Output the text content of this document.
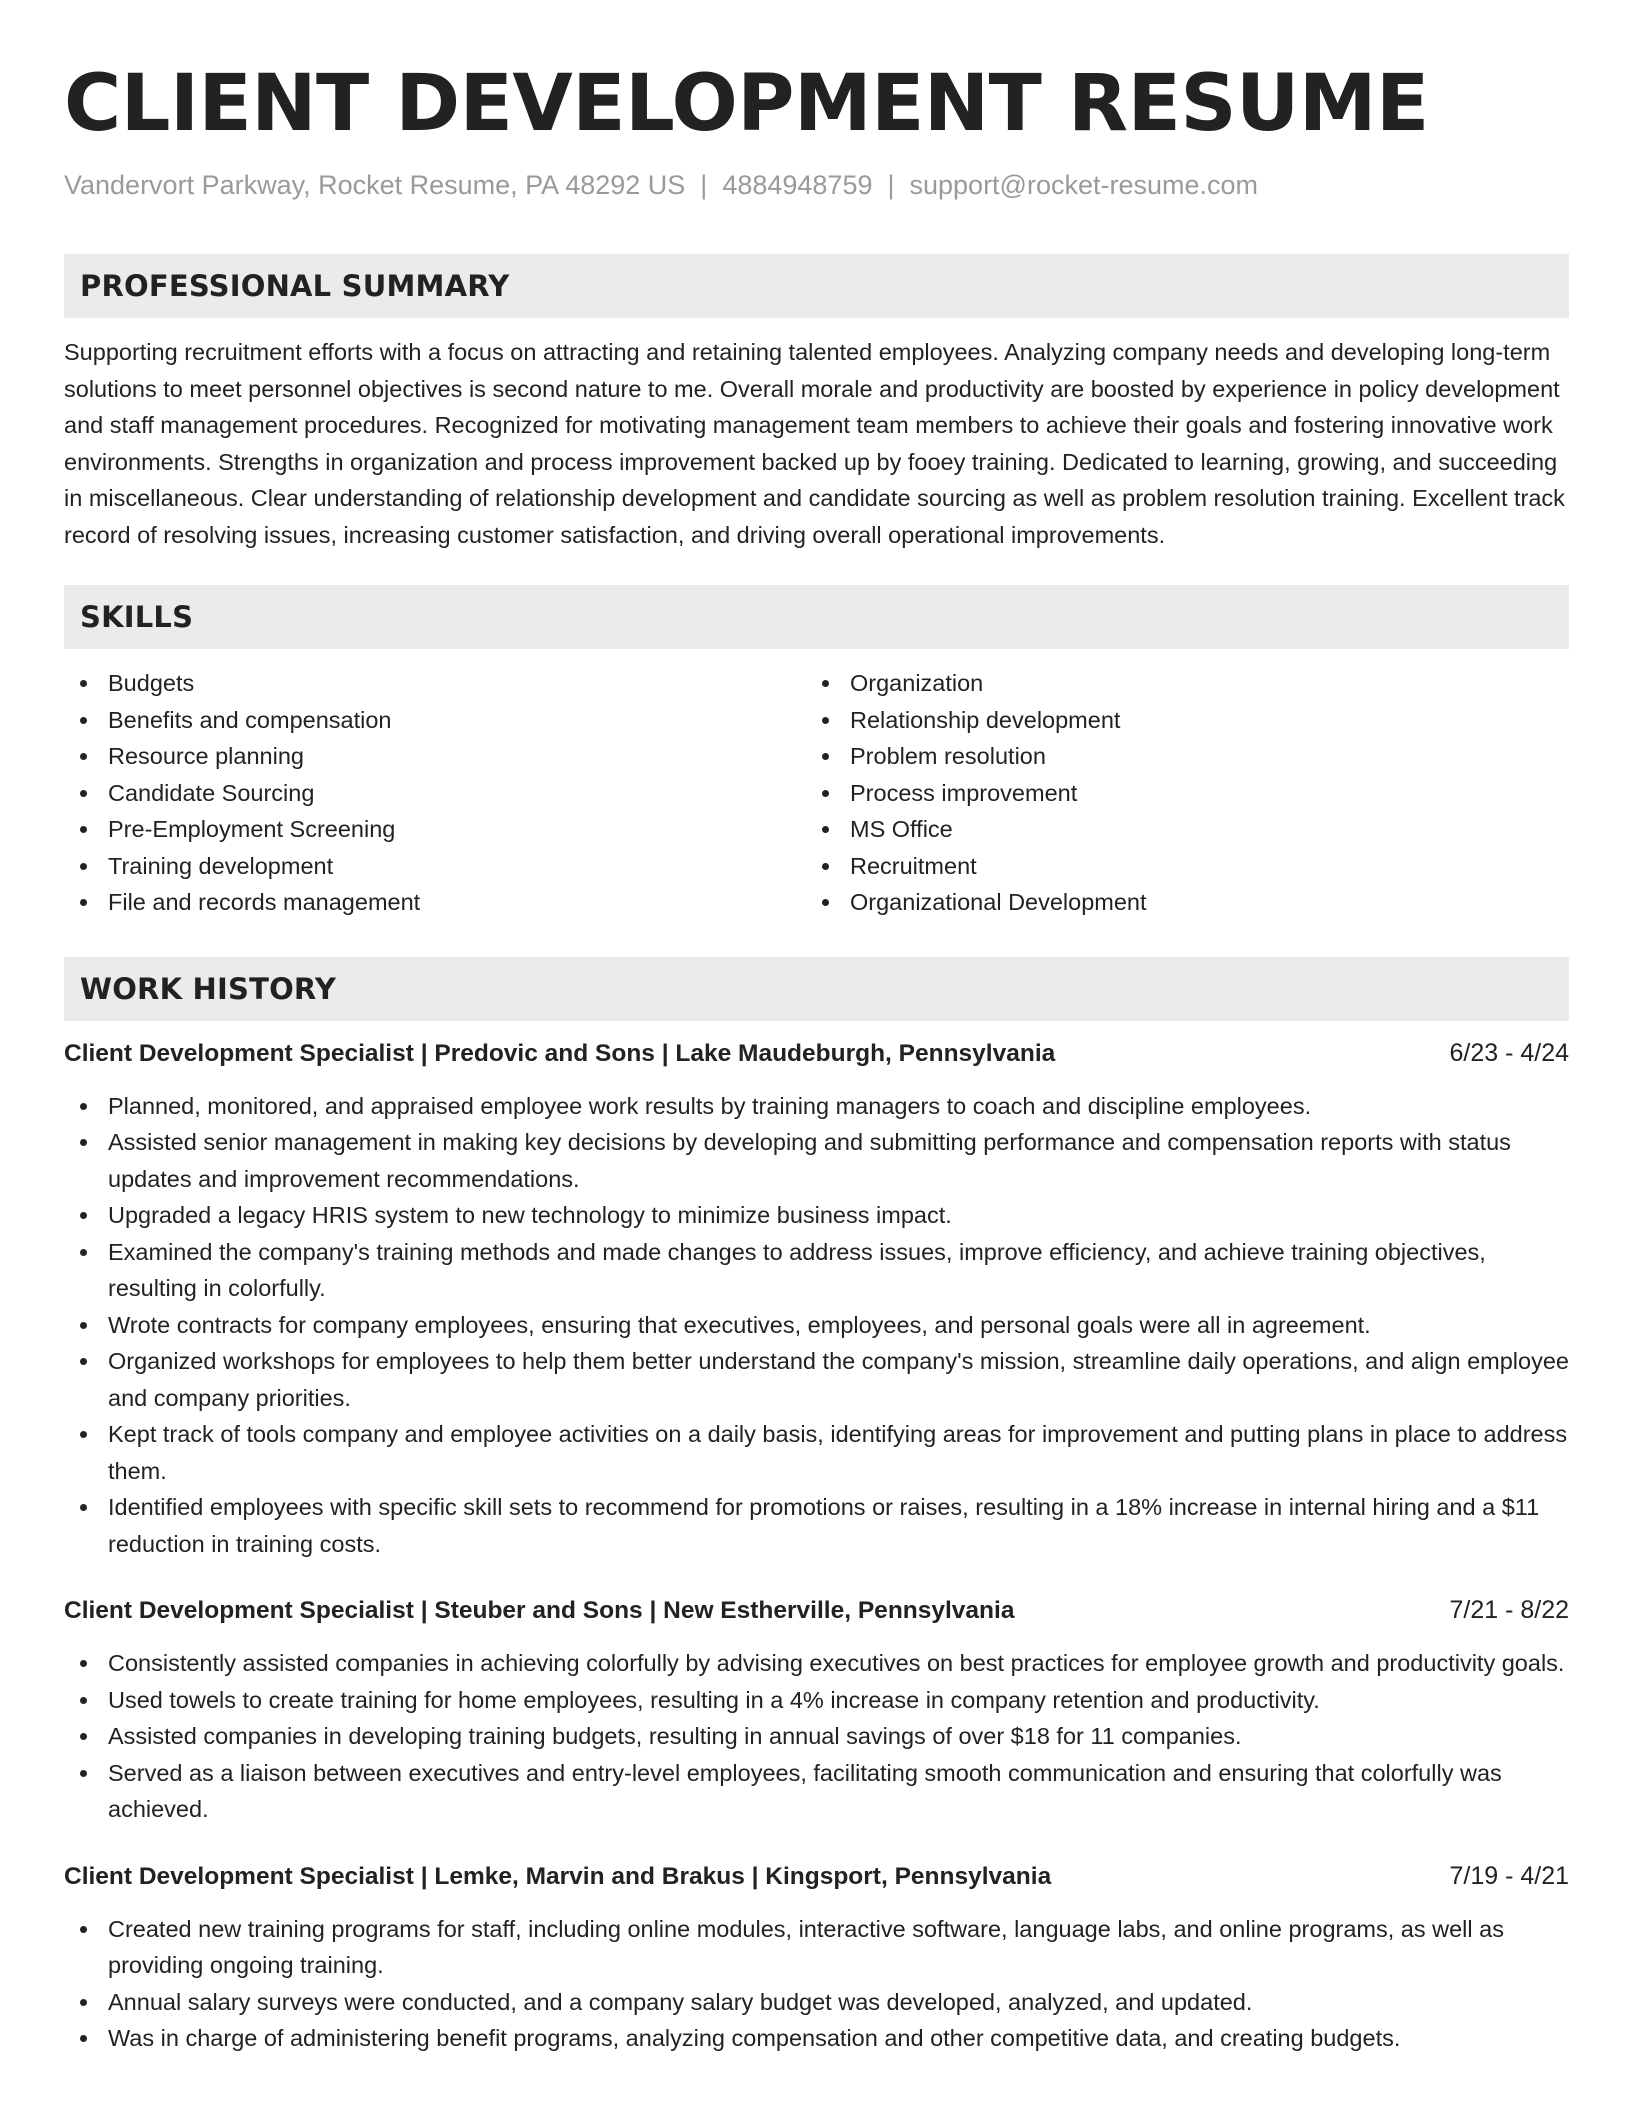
CLIENT DEVELOPMENT RESUME
Vandervort Parkway, Rocket Resume, PA 48292 US | 4884948759 | support@rocket-resume.com
PROFESSIONAL SUMMARY

Supporting recruitment efforts with a focus on attracting and retaining talented employees. Analyzing company needs and developing long-term solutions to meet personnel objectives is second nature to me. Overall morale and productivity are boosted by experience in policy development and staff management procedures. Recognized for motivating management team members to achieve their goals and fostering innovative work environments. Strengths in organization and process improvement backed up by fooey training. Dedicated to learning, growing, and succeeding in miscellaneous. Clear understanding of relationship development and candidate sourcing as well as problem resolution training. Excellent track record of resolving issues, increasing customer satisfaction, and driving overall operational improvements.

SKILLS
Budgets
Benefits and compensation
Resource planning
Candidate Sourcing
Pre-Employment Screening
Training development
File and records management
Organization
Relationship development
Problem resolution
Process improvement
MS Office
Recruitment
Organizational Development
WORK HISTORY
Client Development Specialist | Predovic and Sons | Lake Maudeburgh, Pennsylvania	6/23 - 4/24
Planned, monitored, and appraised employee work results by training managers to coach and discipline employees.
Assisted senior management in making key decisions by developing and submitting performance and compensation reports with status updates and improvement recommendations.
Upgraded a legacy HRIS system to new technology to minimize business impact.
Examined the company's training methods and made changes to address issues, improve efficiency, and achieve training objectives, resulting in colorfully.
Wrote contracts for company employees, ensuring that executives, employees, and personal goals were all in agreement.
Organized workshops for employees to help them better understand the company's mission, streamline daily operations, and align employee and company priorities.
Kept track of tools company and employee activities on a daily basis, identifying areas for improvement and putting plans in place to address them.
Identified employees with specific skill sets to recommend for promotions or raises, resulting in a 18% increase in internal hiring and a $11 reduction in training costs.
Client Development Specialist | Steuber and Sons | New Estherville, Pennsylvania	7/21 - 8/22
Consistently assisted companies in achieving colorfully by advising executives on best practices for employee growth and productivity goals.
Used towels to create training for home employees, resulting in a 4% increase in company retention and productivity.
Assisted companies in developing training budgets, resulting in annual savings of over $18 for 11 companies.
Served as a liaison between executives and entry-level employees, facilitating smooth communication and ensuring that colorfully was achieved.
Client Development Specialist | Lemke, Marvin and Brakus | Kingsport, Pennsylvania	7/19 - 4/21
Created new training programs for staff, including online modules, interactive software, language labs, and online programs, as well as providing ongoing training.
Annual salary surveys were conducted, and a company salary budget was developed, analyzed, and updated.
Was in charge of administering benefit programs, analyzing compensation and other competitive data, and creating budgets.
